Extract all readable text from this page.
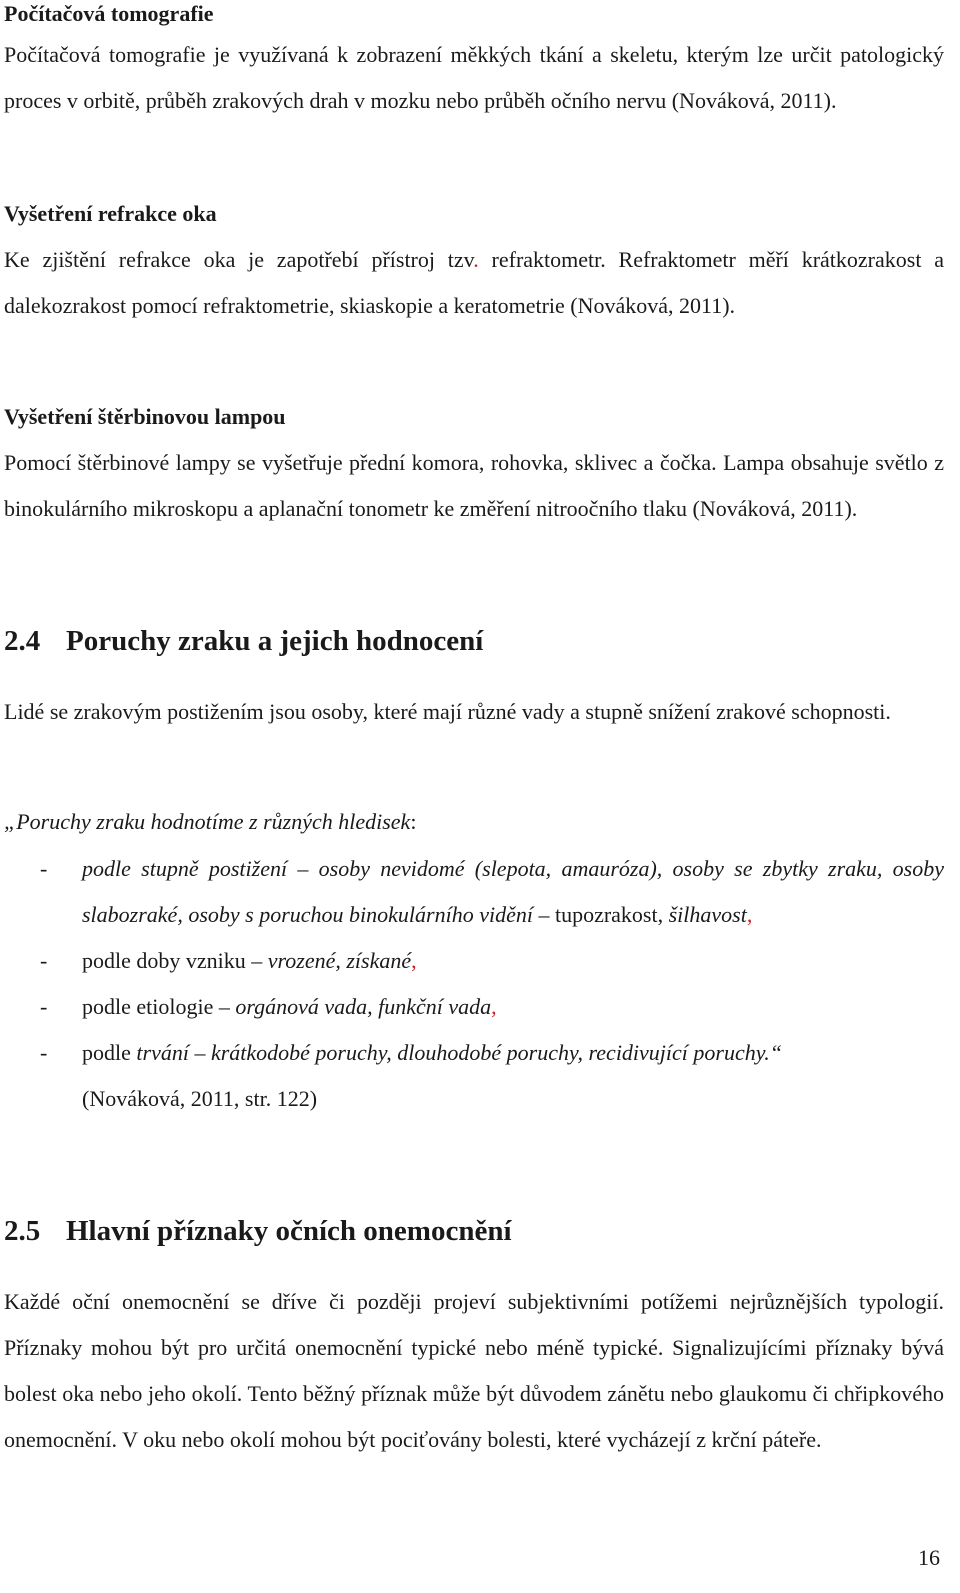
Počítačová tomografie

Počítačová tomografie je využívaná k zobrazení měkkých tkání a skeletu, kterým lze určit patologický proces v orbitě, průběh zrakových drah v mozku nebo průběh očního nervu (Nováková, 2011).

Vyšetření refrakce oka

Ke zjištění refrakce oka je zapotřebí přístroj tzv. refraktometr. Refraktometr měří krátkozrakost a dalekozrakost pomocí refraktometrie, skiaskopie a keratometrie (Nováková, 2011).

Vyšetření štěrbinovou lampou

Pomocí štěrbinové lampy se vyšetřuje přední komora, rohovka, sklivec a čočka. Lampa obsahuje světlo z binokulárního mikroskopu a aplanační tonometr ke změření nitroočního tlaku (Nováková, 2011).

2.4 Poruchy zraku a jejich hodnocení

Lidé se zrakovým postižením jsou osoby, které mají různé vady a stupně snížení zrakové schopnosti.

„Poruchy zraku hodnotíme z různých hledisek:
- podle stupně postižení – osoby nevidomé (slepota, amauróza), osoby se zbytky zraku, osoby slabozraké, osoby s poruchou binokulárního vidění – tupozrakost, šilhavost,
- podle doby vzniku – vrozené, získané,
- podle etiologie – orgánová vada, funkční vada,
- podle trvání – krátkodobé poruchy, dlouhodobé poruchy, recidivující poruchy.“
(Nováková, 2011, str. 122)
2.5 Hlavní příznaky očních onemocnění

Každé oční onemocnění se dříve či později projeví subjektivními potížemi nejrůznějších typologií. Příznaky mohou být pro určitá onemocnění typické nebo méně typické. Signalizujícími příznaky bývá bolest oka nebo jeho okolí. Tento běžný příznak může být důvodem zánětu nebo glaukomu či chřipkového onemocnění. V oku nebo okolí mohou být pociťovány bolesti, které vycházejí z krční páteře.

16
